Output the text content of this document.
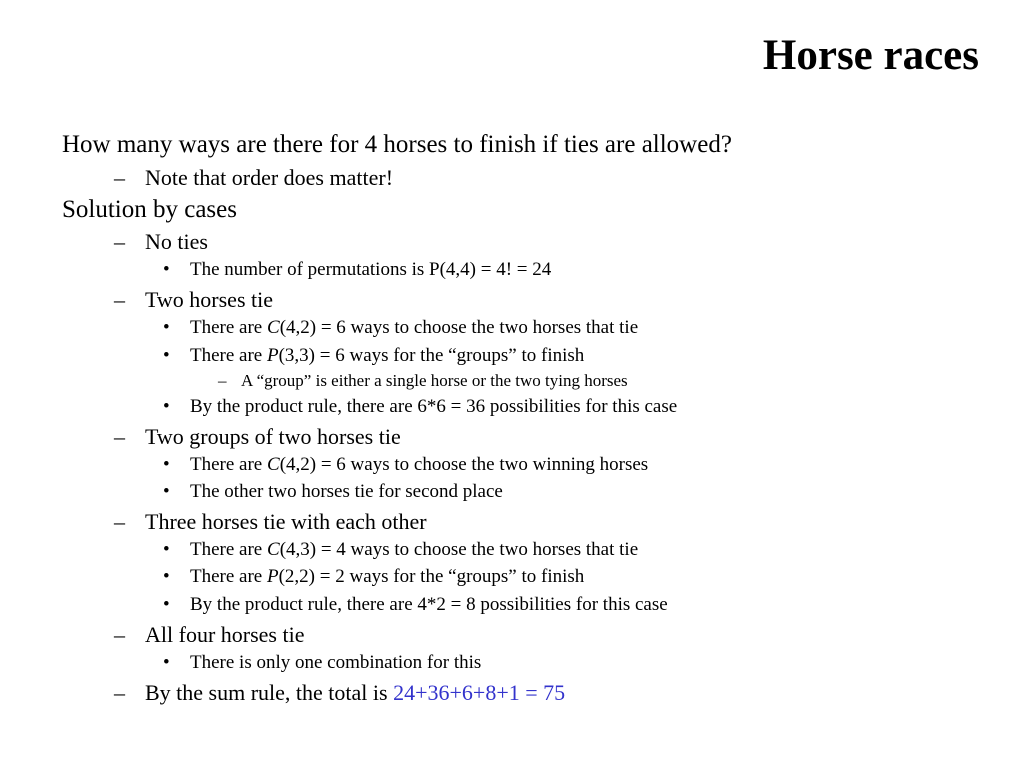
Horse races
How many ways are there for 4 horses to finish if ties are allowed?
– Note that order does matter!
Solution by cases
– No ties
• The number of permutations is P(4,4) = 4! = 24
– Two horses tie
• There are C(4,2) = 6 ways to choose the two horses that tie
• There are P(3,3) = 6 ways for the “groups” to finish
– A “group” is either a single horse or the two tying horses
• By the product rule, there are 6*6 = 36 possibilities for this case
– Two groups of two horses tie
• There are C(4,2) = 6 ways to choose the two winning horses
• The other two horses tie for second place
– Three horses tie with each other
• There are C(4,3) = 4 ways to choose the two horses that tie
• There are P(2,2) = 2 ways for the “groups” to finish
• By the product rule, there are 4*2 = 8 possibilities for this case
– All four horses tie
• There is only one combination for this
– By the sum rule, the total is 24+36+6+8+1 = 75
